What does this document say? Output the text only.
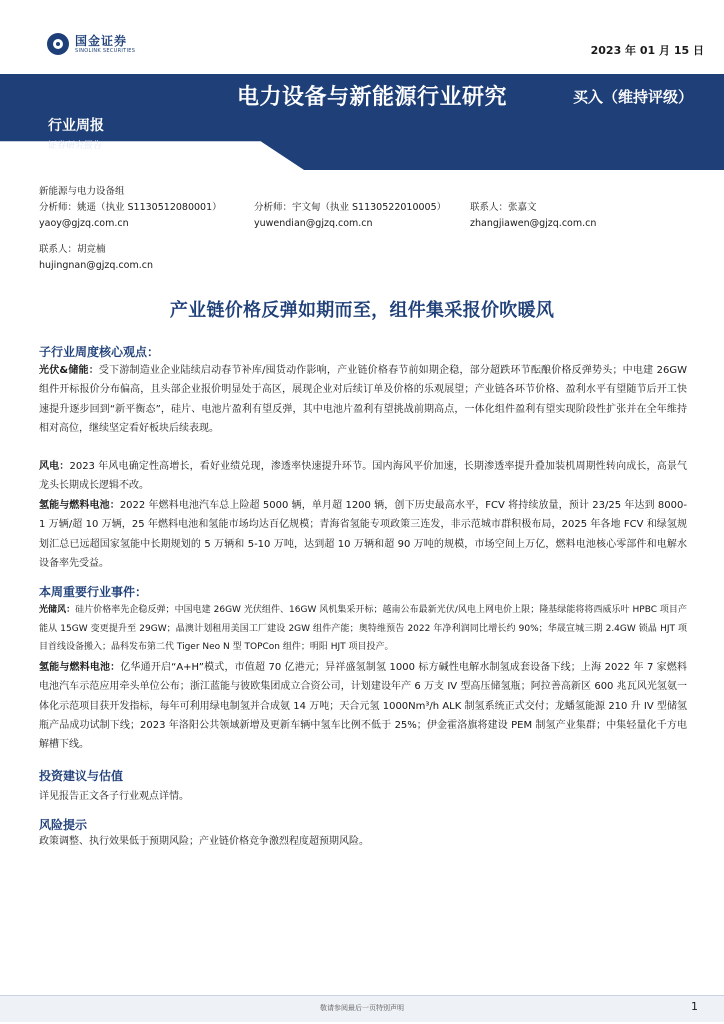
国金证券
SINOLINK SECURITIES	2023 年 01 月 15 日
电力设备与新能源行业研究	买入（维持评级）
行业周报
证券研究报告
新能源与电力设备组
分析师：姚遥（执业 S1130512080001）
yaoy@gjzq.com.cn
分析师：宇文甸（执业 S1130522010005）
yuwendian@gjzq.com.cn
联系人：张嘉文
zhangjiawen@gjzq.com.cn
联系人：胡竞楠
hujingnan@gjzq.com.cn
产业链价格反弹如期而至，组件集采报价吹暖风
子行业周度核心观点：
光伏&储能：受下游制造业企业陆续启动春节补库/囤货动作影响，产业链价格春节前如期企稳，部分超跌环节酝酿价格反弹势头；中电建 26GW 组件开标报价分布偏高，且头部企业报价明显处于高区，展现企业对后续订单及价格的乐观展望；产业链各环节价格、盈利水平有望随节后开工快速提升逐步回到“新平衡态”，硅片、电池片盈利有望反弹，其中电池片盈利有望挑战前期高点，一体化组件盈利有望实现阶段性扩张并在全年维持相对高位，继续坚定看好板块后续表现。
风电：2023 年风电确定性高增长，看好业绩兑现，渗透率快速提升环节。国内海风平价加速，长期渗透率提升叠加装机周期性转向成长，高景气龙头长期成长逻辑不改。
氢能与燃料电池：2022 年燃料电池汽车总上险超 5000 辆，单月超 1200 辆，创下历史最高水平，FCV 将持续放量，预计 23/25 年达到 8000-1 万辆/超 10 万辆，25 年燃料电池和氢能市场均达百亿规模；青海省氢能专项政策三连发，非示范城市群积极布局，2025 年各地 FCV 和绿氢规划汇总已远超国家氢能中长期规划的 5 万辆和 5-10 万吨，达到超 10 万辆和超 90 万吨的规模，市场空间上万亿，燃料电池核心零部件和电解水设备率先受益。
本周重要行业事件：
光储风：硅片价格率先企稳反弹；中国电建 26GW 光伏组件、16GW 风机集采开标；越南公布最新光伏/风电上网电价上限；隆基绿能将将西威乐叶 HPBC 项目产能从 15GW 变更提升至 29GW；晶澳计划租用美国工厂建设 2GW 组件产能；奥特维预告 2022 年净利润同比增长约 90%；华晟宣城三期 2.4GW 锁晶 HJT 项目首线设备搬入；晶科发布第二代 Tiger Neo N 型 TOPCon 组件；明阳 HJT 项目投产。
氢能与燃料电池：亿华通开启“A+H”模式，市值超 70 亿港元；异祥盛氢制氢 1000 标方碱性电解水制氢成套设备下线；上海 2022 年 7 家燃料电池汽车示范应用牵头单位公布；浙江蓝能与彼欧集团成立合资公司，计划建设年产 6 万支 IV 型高压储氢瓶；阿拉善高新区 600 兆瓦风光氢氨一体化示范项目获开发指标，每年可利用绿电制氢并合成氨 14 万吨；天合元氢 1000Nm³/h ALK 制氢系统正式交付；龙蟠氢能源 210 升 IV 型储氢瓶产品成功试制下线；2023 年洛阳公共领域新增及更新车辆中氢车比例不低于 25%；伊金霍洛旗将建设 PEM 制氢产业集群；中集轻量化千方电解槽下线。
投资建议与估值
详见报告正文各子行业观点详情。
风险提示
政策调整、执行效果低于预期风险；产业链价格竞争激烈程度超预期风险。
敬请参阅最后一页特别声明	1
